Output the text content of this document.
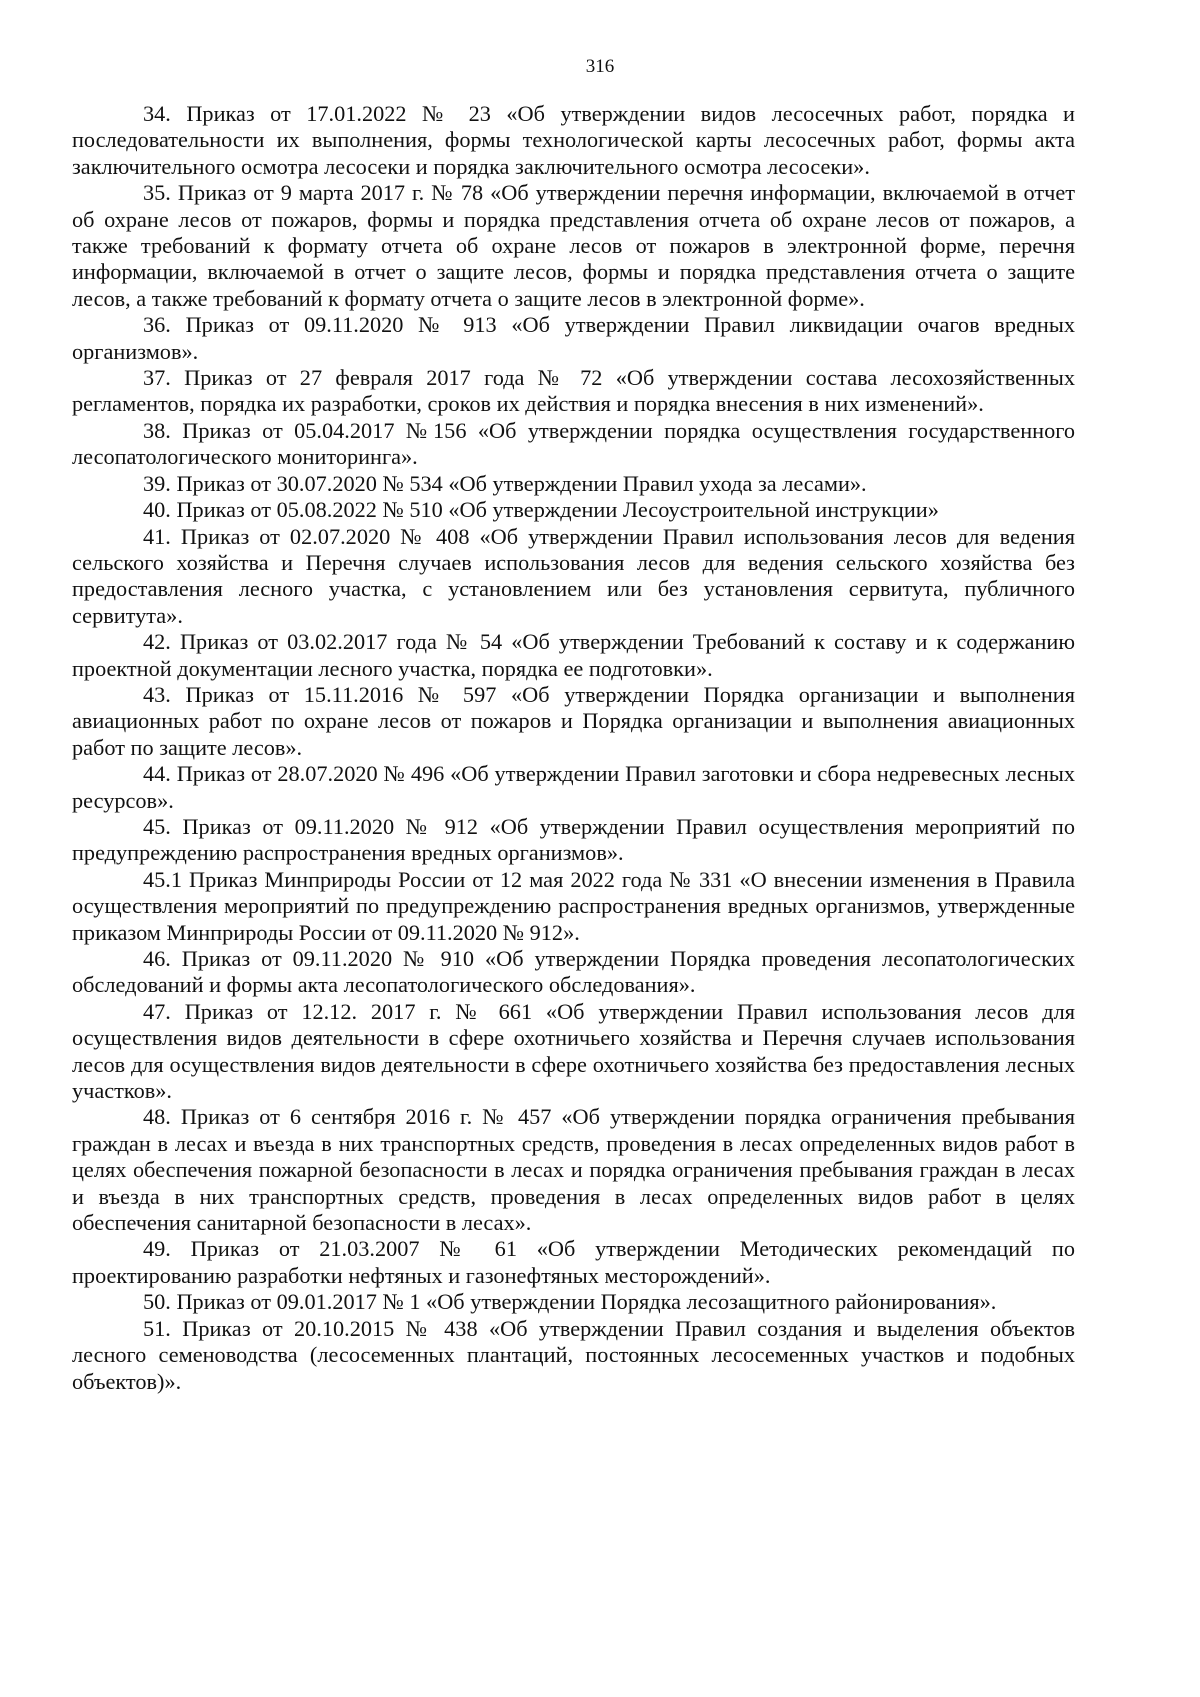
316

34. Приказ от 17.01.2022 № 23 «Об утверждении видов лесосечных работ, порядка и последовательности их выполнения, формы технологической карты лесосечных работ, формы акта заключительного осмотра лесосеки и порядка заключительного осмотра лесосеки».

35. Приказ от 9 марта 2017 г. № 78 «Об утверждении перечня информации, включаемой в отчет об охране лесов от пожаров, формы и порядка представления отчета об охране лесов от пожаров, а также требований к формату отчета об охране лесов от пожаров в электронной форме, перечня информации, включаемой в отчет о защите лесов, формы и порядка представления отчета о защите лесов, а также требований к формату отчета о защите лесов в электронной форме».

36. Приказ от 09.11.2020 № 913 «Об утверждении Правил ликвидации очагов вредных организмов».

37. Приказ от 27 февраля 2017 года № 72 «Об утверждении состава лесохозяйственных регламентов, порядка их разработки, сроков их действия и порядка внесения в них изменений».

38. Приказ от 05.04.2017 №156 «Об утверждении порядка осуществления государственного лесопатологического мониторинга».

39. Приказ от 30.07.2020 № 534 «Об утверждении Правил ухода за лесами».

40. Приказ от 05.08.2022 № 510 «Об утверждении Лесоустроительной инструкции»

41. Приказ от 02.07.2020 № 408 «Об утверждении Правил использования лесов для ведения сельского хозяйства и Перечня случаев использования лесов для ведения сельского хозяйства без предоставления лесного участка, с установлением или без установления сервитута, публичного сервитута».

42. Приказ от 03.02.2017 года № 54 «Об утверждении Требований к составу и к содержанию проектной документации лесного участка, порядка ее подготовки».

43. Приказ от 15.11.2016 № 597 «Об утверждении Порядка организации и выполнения авиационных работ по охране лесов от пожаров и Порядка организации и выполнения авиационных работ по защите лесов».

44. Приказ от 28.07.2020 № 496 «Об утверждении Правил заготовки и сбора недревесных лесных ресурсов».

45. Приказ от 09.11.2020 № 912 «Об утверждении Правил осуществления мероприятий по предупреждению распространения вредных организмов».

45.1 Приказ Минприроды России от 12 мая 2022 года № 331 «О внесении изменения в Правила осуществления мероприятий по предупреждению распространения вредных организмов, утвержденные приказом Минприроды России от 09.11.2020 № 912».

46. Приказ от 09.11.2020 № 910 «Об утверждении Порядка проведения лесопатологических обследований и формы акта лесопатологического обследования».

47. Приказ от 12.12. 2017 г. № 661 «Об утверждении Правил использования лесов для осуществления видов деятельности в сфере охотничьего хозяйства и Перечня случаев использования лесов для осуществления видов деятельности в сфере охотничьего хозяйства без предоставления лесных участков».

48. Приказ от 6 сентября 2016 г. № 457 «Об утверждении порядка ограничения пребывания граждан в лесах и въезда в них транспортных средств, проведения в лесах определенных видов работ в целях обеспечения пожарной безопасности в лесах и порядка ограничения пребывания граждан в лесах и въезда в них транспортных средств, проведения в лесах определенных видов работ в целях обеспечения санитарной безопасности в лесах».

49. Приказ от 21.03.2007 № 61 «Об утверждении Методических рекомендаций по проектированию разработки нефтяных и газонефтяных месторождений».

50. Приказ от 09.01.2017 № 1 «Об утверждении Порядка лесозащитного районирования».

51. Приказ от 20.10.2015 № 438 «Об утверждении Правил создания и выделения объектов лесного семеноводства (лесосеменных плантаций, постоянных лесосеменных участков и подобных объектов)».
